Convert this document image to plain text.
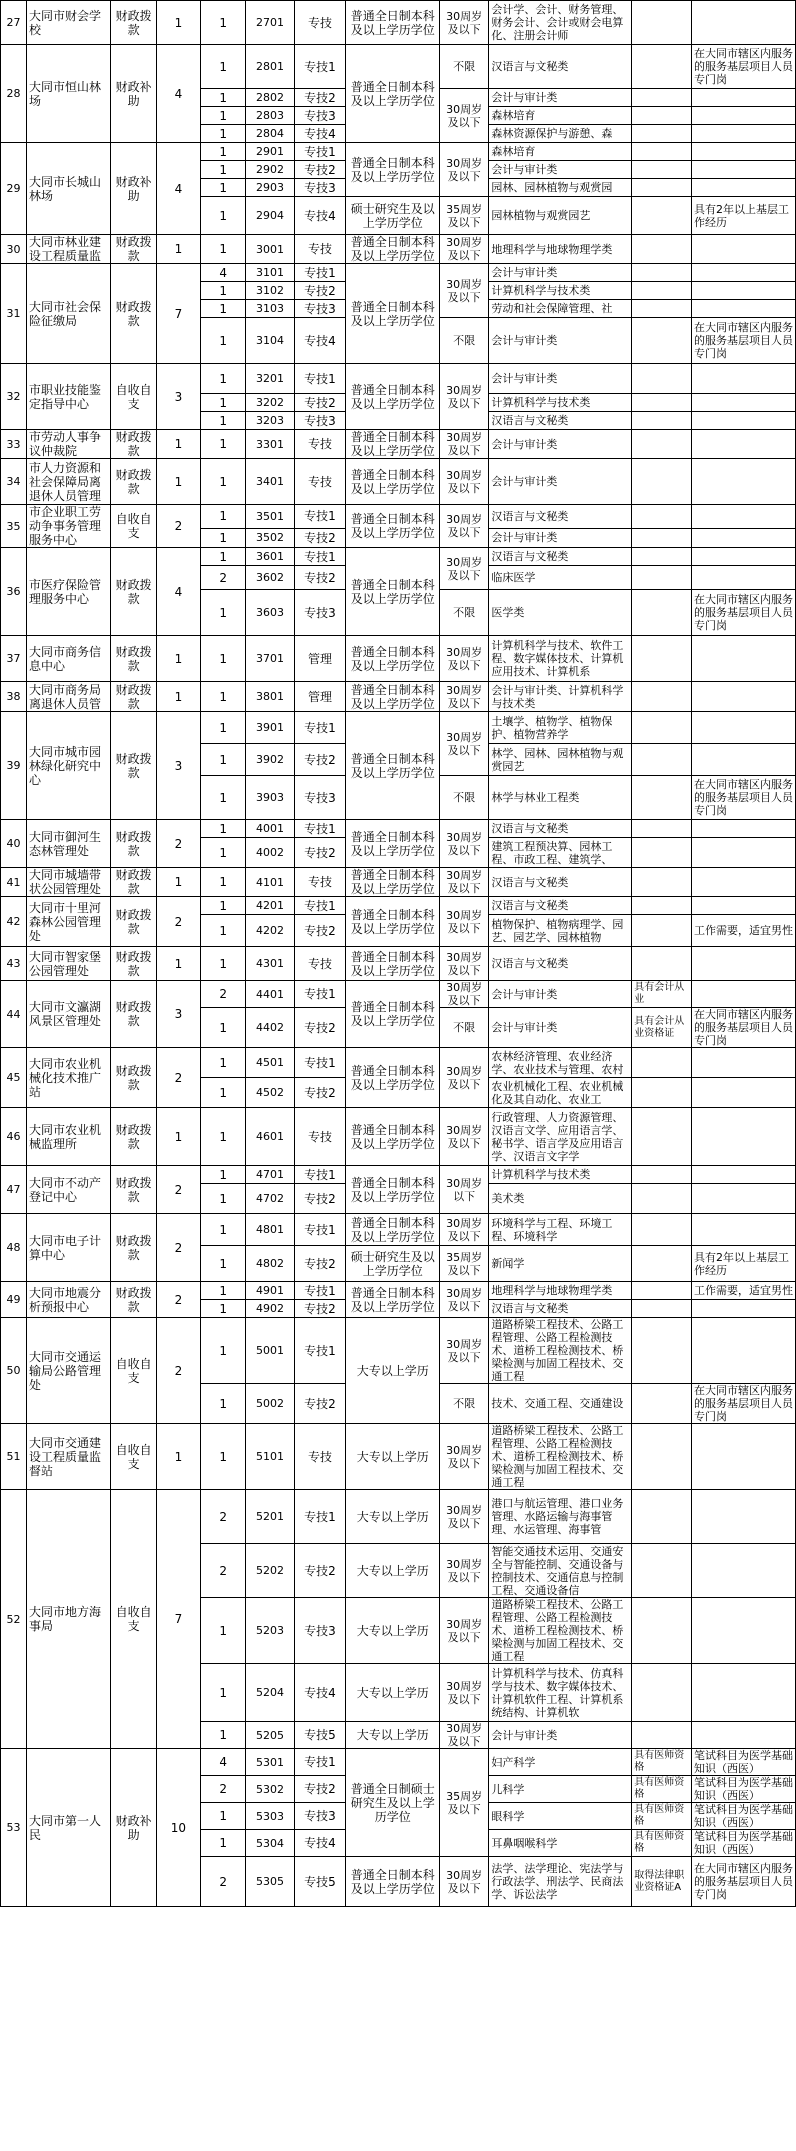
27	大同市财会学校	财政拨款	1	1	2701	专技	普通全日制本科及以上学历学位	30周岁及以下	会计学、会计、财务管理、财务会计、会计或财会电算化、注册会计师		
28	大同市恒山林场	财政补助	4	1	2801	专技1	普通全日制本科及以上学历学位	不限	汉语言与文秘类		在大同市辖区内服务的服务基层项目人员专门岗
				1	2802	专技2		30周岁及以下	会计与审计类		
				1	2803	专技3			森林培育		
				1	2804	专技4			森林资源保护与游憩、森		
29	大同市长城山林场	财政补助	4	1	2901	专技1	普通全日制本科及以上学历学位	30周岁及以下	森林培育		
				1	2902	专技2			会计与审计类		
				1	2903	专技3			园林、园林植物与观赏园		
				1	2904	专技4	硕士研究生及以上学历学位	35周岁及以下	园林植物与观赏园艺		具有2年以上基层工作经历
30	大同市林业建设工程质量监	财政拨款	1	1	3001	专技	普通全日制本科及以上学历学位	30周岁及以下	地理科学与地球物理学类		
31	大同市社会保险征缴局	财政拨款	7	4	3101	专技1	普通全日制本科及以上学历学位	30周岁及以下	会计与审计类		
				1	3102	专技2			计算机科学与技术类		
				1	3103	专技3			劳动和社会保障管理、社		
				1	3104	专技4		不限	会计与审计类		在大同市辖区内服务的服务基层项目人员专门岗
32	市职业技能鉴定指导中心	自收自支	3	1	3201	专技1	普通全日制本科及以上学历学位	30周岁及以下	会计与审计类		
				1	3202	专技2			计算机科学与技术类		
				1	3203	专技3			汉语言与文秘类		
33	市劳动人事争议仲裁院	财政拨款	1	1	3301	专技	普通全日制本科及以上学历学位	30周岁及以下	会计与审计类		
34	市人力资源和社会保障局离退休人员管理	财政拨款	1	1	3401	专技	普通全日制本科及以上学历学位	30周岁及以下	会计与审计类		
35	市企业职工劳动争事务管理服务中心	自收自支	2	1	3501	专技1	普通全日制本科及以上学历学位	30周岁及以下	汉语言与文秘类		
				1	3502	专技2			会计与审计类		
36	市医疗保险管理服务中心	财政拨款	4	1	3601	专技1	普通全日制本科及以上学历学位	30周岁及以下	汉语言与文秘类		
				2	3602	专技2			临床医学		
				1	3603	专技3		不限	医学类		在大同市辖区内服务的服务基层项目人员专门岗
37	大同市商务信息中心	财政拨款	1	1	3701	管理	普通全日制本科及以上学历学位	30周岁及以下	计算机科学与技术、软件工程、数字媒体技术、计算机应用技术、计算机系		
38	大同市商务局离退休人员管	财政拨款	1	1	3801	管理	普通全日制本科及以上学历学位	30周岁及以下	会计与审计类、计算机科学与技术类		
39	大同市城市园林绿化研究中心	财政拨款	3	1	3901	专技1	普通全日制本科及以上学历学位	30周岁及以下	土壤学、植物学、植物保护、植物营养学		
				1	3902	专技2			林学、园林、园林植物与观赏园艺		
				1	3903	专技3		不限	林学与林业工程类		在大同市辖区内服务的服务基层项目人员专门岗
40	大同市御河生态林管理处	财政拨款	2	1	4001	专技1	普通全日制本科及以上学历学位	30周岁及以下	汉语言与文秘类		
				1	4002	专技2			建筑工程预决算、园林工程、市政工程、建筑学、		
41	大同市城墙带状公园管理处	财政拨款	1	1	4101	专技	普通全日制本科及以上学历学位	30周岁及以下	汉语言与文秘类		
42	大同市十里河森林公园管理处	财政拨款	2	1	4201	专技1	普通全日制本科及以上学历学位	30周岁及以下	汉语言与文秘类		
				1	4202	专技2			植物保护、植物病理学、园艺、园艺学、园林植物		工作需要，适宜男性
43	大同市智家堡公园管理处	财政拨款	1	1	4301	专技	普通全日制本科及以上学历学位	30周岁及以下	汉语言与文秘类		
44	大同市文瀛湖风景区管理处	财政拨款	3	2	4401	专技1	普通全日制本科及以上学历学位	30周岁及以下	会计与审计类	具有会计从业	
				1	4402	专技2		不限	会计与审计类	具有会计从业资格证	在大同市辖区内服务的服务基层项目人员专门岗
45	大同市农业机械化技术推广站	财政拨款	2	1	4501	专技1	普通全日制本科及以上学历学位	30周岁及以下	农林经济管理、农业经济学、农业技术与管理、农村		
				1	4502	专技2			农业机械化工程、农业机械化及其自动化、农业工		
46	大同市农业机械监理所	财政拨款	1	1	4601	专技	普通全日制本科及以上学历学位	30周岁及以下	行政管理、人力资源管理、汉语言文学、应用语言学、秘书学、语言学及应用语言学、汉语言文字学		
47	大同市不动产登记中心	财政拨款	2	1	4701	专技1	普通全日制本科及以上学历学位	30周岁以下	计算机科学与技术类		
				1	4702	专技2			美术类		
48	大同市电子计算中心	财政拨款	2	1	4801	专技1	普通全日制本科及以上学历学位	30周岁及以下	环境科学与工程、环境工程、环境科学		
				1	4802	专技2	硕士研究生及以上学历学位	35周岁及以下	新闻学		具有2年以上基层工作经历
49	大同市地震分析预报中心	财政拨款	2	1	4901	专技1	普通全日制本科及以上学历学位	30周岁及以下	地理科学与地球物理学类		工作需要，适宜男性
				1	4902	专技2			汉语言与文秘类		
50	大同市交通运输局公路管理处	自收自支	2	1	5001	专技1	大专以上学历	30周岁及以下	道路桥梁工程技术、公路工程管理、公路工程检测技术、道桥工程检测技术、桥梁检测与加固工程技术、交通工程		
				1	5002	专技2		不限	技术、交通工程、交通建设		在大同市辖区内服务的服务基层项目人员专门岗
51	大同市交通建设工程质量监督站	自收自支	1	1	5101	专技	大专以上学历	30周岁及以下	道路桥梁工程技术、公路工程管理、公路工程检测技术、道桥工程检测技术、桥梁检测与加固工程技术、交通工程		
52	大同市地方海事局	自收自支	7	2	5201	专技1	大专以上学历	30周岁及以下	港口与航运管理、港口业务管理、水路运输与海事管理、水运管理、海事管		
				2	5202	专技2	大专以上学历	30周岁及以下	智能交通技术运用、交通安全与智能控制、交通设备与控制技术、交通信息与控制工程、交通设备信		
				1	5203	专技3	大专以上学历	30周岁及以下	道路桥梁工程技术、公路工程管理、公路工程检测技术、道桥工程检测技术、桥梁检测与加固工程技术、交通工程		
				1	5204	专技4	大专以上学历	30周岁及以下	计算机科学与技术、仿真科学与技术、数字媒体技术、计算机软件工程、计算机系统结构、计算机软		
				1	5205	专技5	大专以上学历	30周岁及以下	会计与审计类		
53	大同市第一人民	财政补助	10	4	5301	专技1	普通全日制硕士研究生及以上学历学位	35周岁及以下	妇产科学	具有医师资格	笔试科目为医学基础知识（西医）
				2	5302	专技2			儿科学	具有医师资格	笔试科目为医学基础知识（西医）
				1	5303	专技3			眼科学	具有医师资格	笔试科目为医学基础知识（西医）
				1	5304	专技4			耳鼻咽喉科学	具有医师资格	笔试科目为医学基础知识（西医）
				2	5305	专技5	普通全日制本科及以上学历学位	30周岁及以下	法学、法学理论、宪法学与行政法学、刑法学、民商法学、诉讼法学	取得法律职业资格证A	在大同市辖区内服务的服务基层项目人员专门岗
